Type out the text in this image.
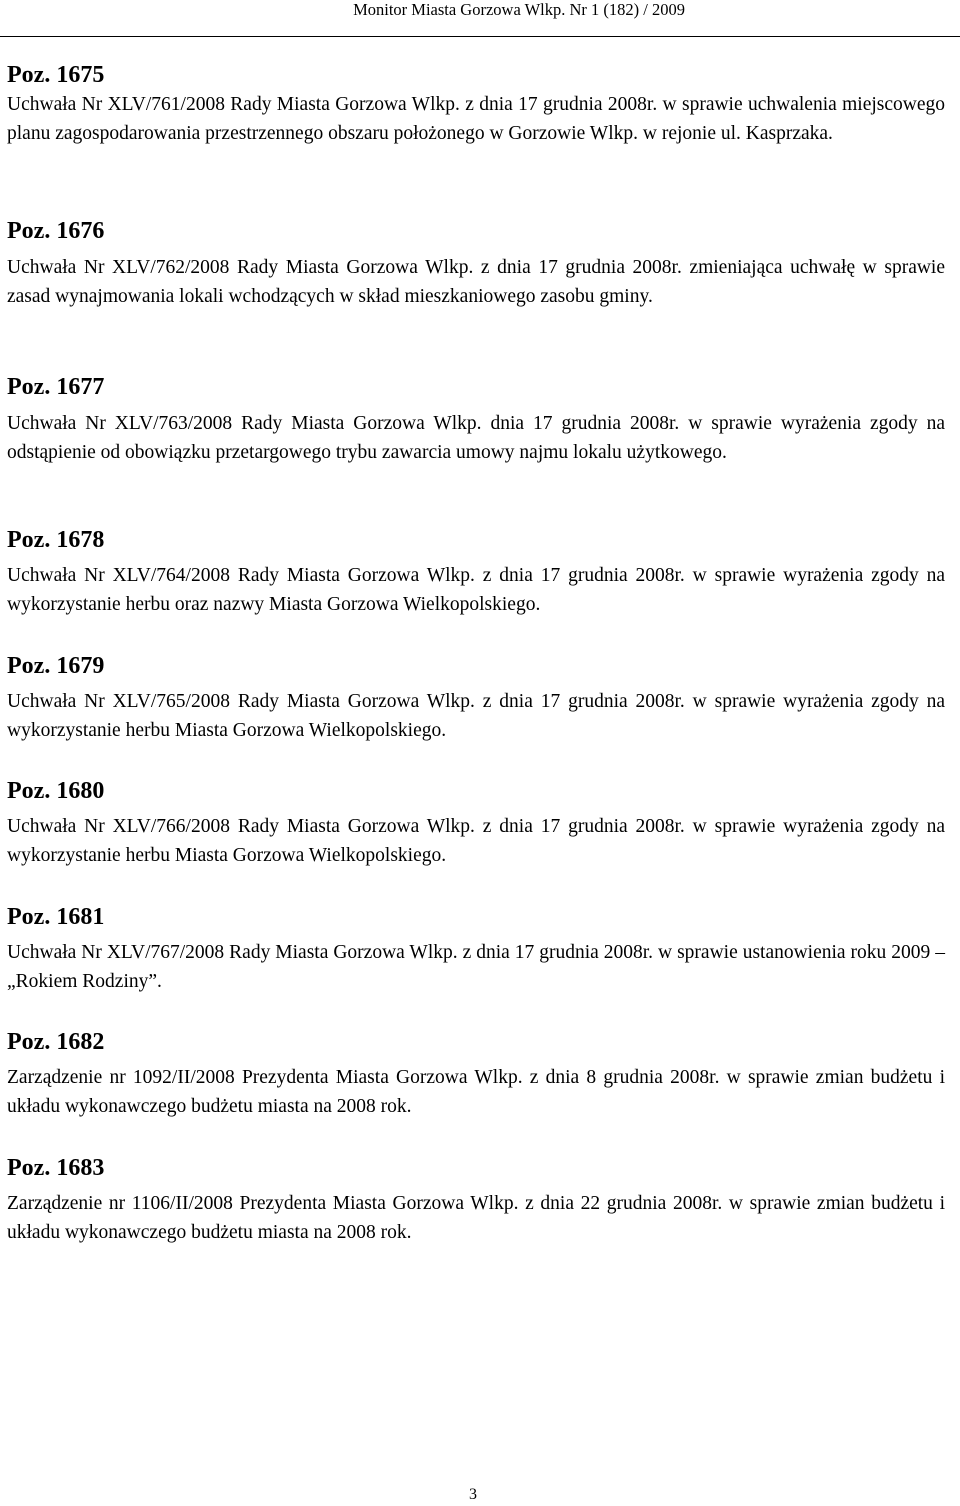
Monitor Miasta Gorzowa Wlkp. Nr 1 (182) / 2009

Poz. 1675

Uchwała Nr XLV/761/2008 Rady Miasta Gorzowa Wlkp. z dnia 17 grudnia 2008r. w sprawie uchwalenia miejscowego planu zagospodarowania przestrzennego obszaru położonego w Gorzowie Wlkp. w rejonie ul. Kasprzaka.

Poz. 1676

Uchwała Nr XLV/762/2008 Rady Miasta Gorzowa Wlkp. z dnia 17 grudnia 2008r. zmieniająca uchwałę w sprawie zasad wynajmowania lokali wchodzących w skład mieszkaniowego zasobu gminy.

Poz. 1677

Uchwała Nr XLV/763/2008 Rady Miasta Gorzowa Wlkp. dnia 17 grudnia 2008r. w sprawie wyrażenia zgody na odstąpienie od obowiązku przetargowego trybu zawarcia umowy najmu lokalu użytkowego.

Poz. 1678

Uchwała Nr XLV/764/2008 Rady Miasta Gorzowa Wlkp. z dnia 17 grudnia 2008r. w sprawie wyrażenia zgody na wykorzystanie herbu oraz nazwy Miasta Gorzowa Wielkopolskiego.

Poz. 1679

Uchwała Nr XLV/765/2008 Rady Miasta Gorzowa Wlkp. z dnia 17 grudnia 2008r. w sprawie wyrażenia zgody na wykorzystanie herbu Miasta Gorzowa Wielkopolskiego.

Poz. 1680

Uchwała Nr XLV/766/2008 Rady Miasta Gorzowa Wlkp. z dnia 17 grudnia 2008r. w sprawie wyrażenia zgody na wykorzystanie herbu Miasta Gorzowa Wielkopolskiego.

Poz. 1681

Uchwała Nr XLV/767/2008 Rady Miasta Gorzowa Wlkp. z dnia 17 grudnia 2008r. w sprawie ustanowienia roku 2009 – „Rokiem Rodziny”.

Poz. 1682

Zarządzenie nr 1092/II/2008 Prezydenta Miasta Gorzowa Wlkp. z dnia 8 grudnia 2008r. w sprawie zmian budżetu i układu wykonawczego budżetu miasta na 2008 rok.

Poz. 1683

Zarządzenie nr 1106/II/2008 Prezydenta Miasta Gorzowa Wlkp. z dnia 22 grudnia 2008r. w sprawie zmian budżetu i układu wykonawczego budżetu miasta na 2008 rok.

3
